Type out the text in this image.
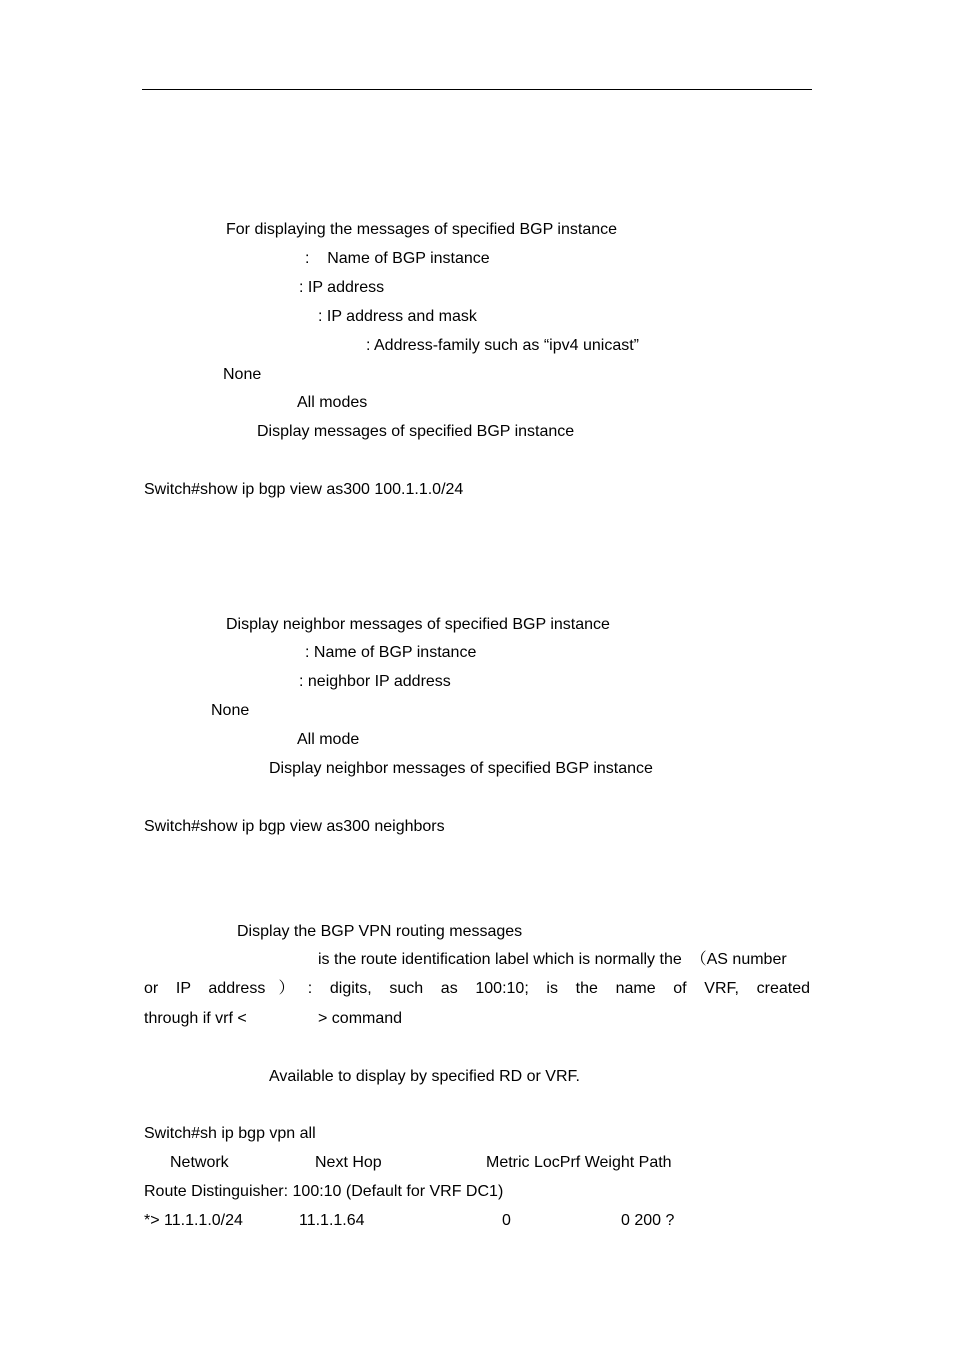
For displaying the messages of specified BGP instance
:    Name of BGP instance
: IP address
: IP address and mask
: Address-family such as “ipv4 unicast”
None
All modes
Display messages of specified BGP instance
Switch#show ip bgp view as300 100.1.1.0/24
Display neighbor messages of specified BGP instance
: Name of BGP instance
: neighbor IP address
None
All mode
Display neighbor messages of specified BGP instance
Switch#show ip bgp view as300 neighbors
Display the BGP VPN routing messages
is the route identification label which is normally the  （AS number
or IP address）: digits, such as 100:10; is the name of VRF, created
through if vrf <	> command
Available to display by specified RD or VRF.
Switch#sh ip bgp vpn all
Network	Next Hop	Metric LocPrf Weight Path
Route Distinguisher: 100:10 (Default for VRF DC1)
*> 11.1.1.0/24	11.1.1.64	0	0 200 ?
